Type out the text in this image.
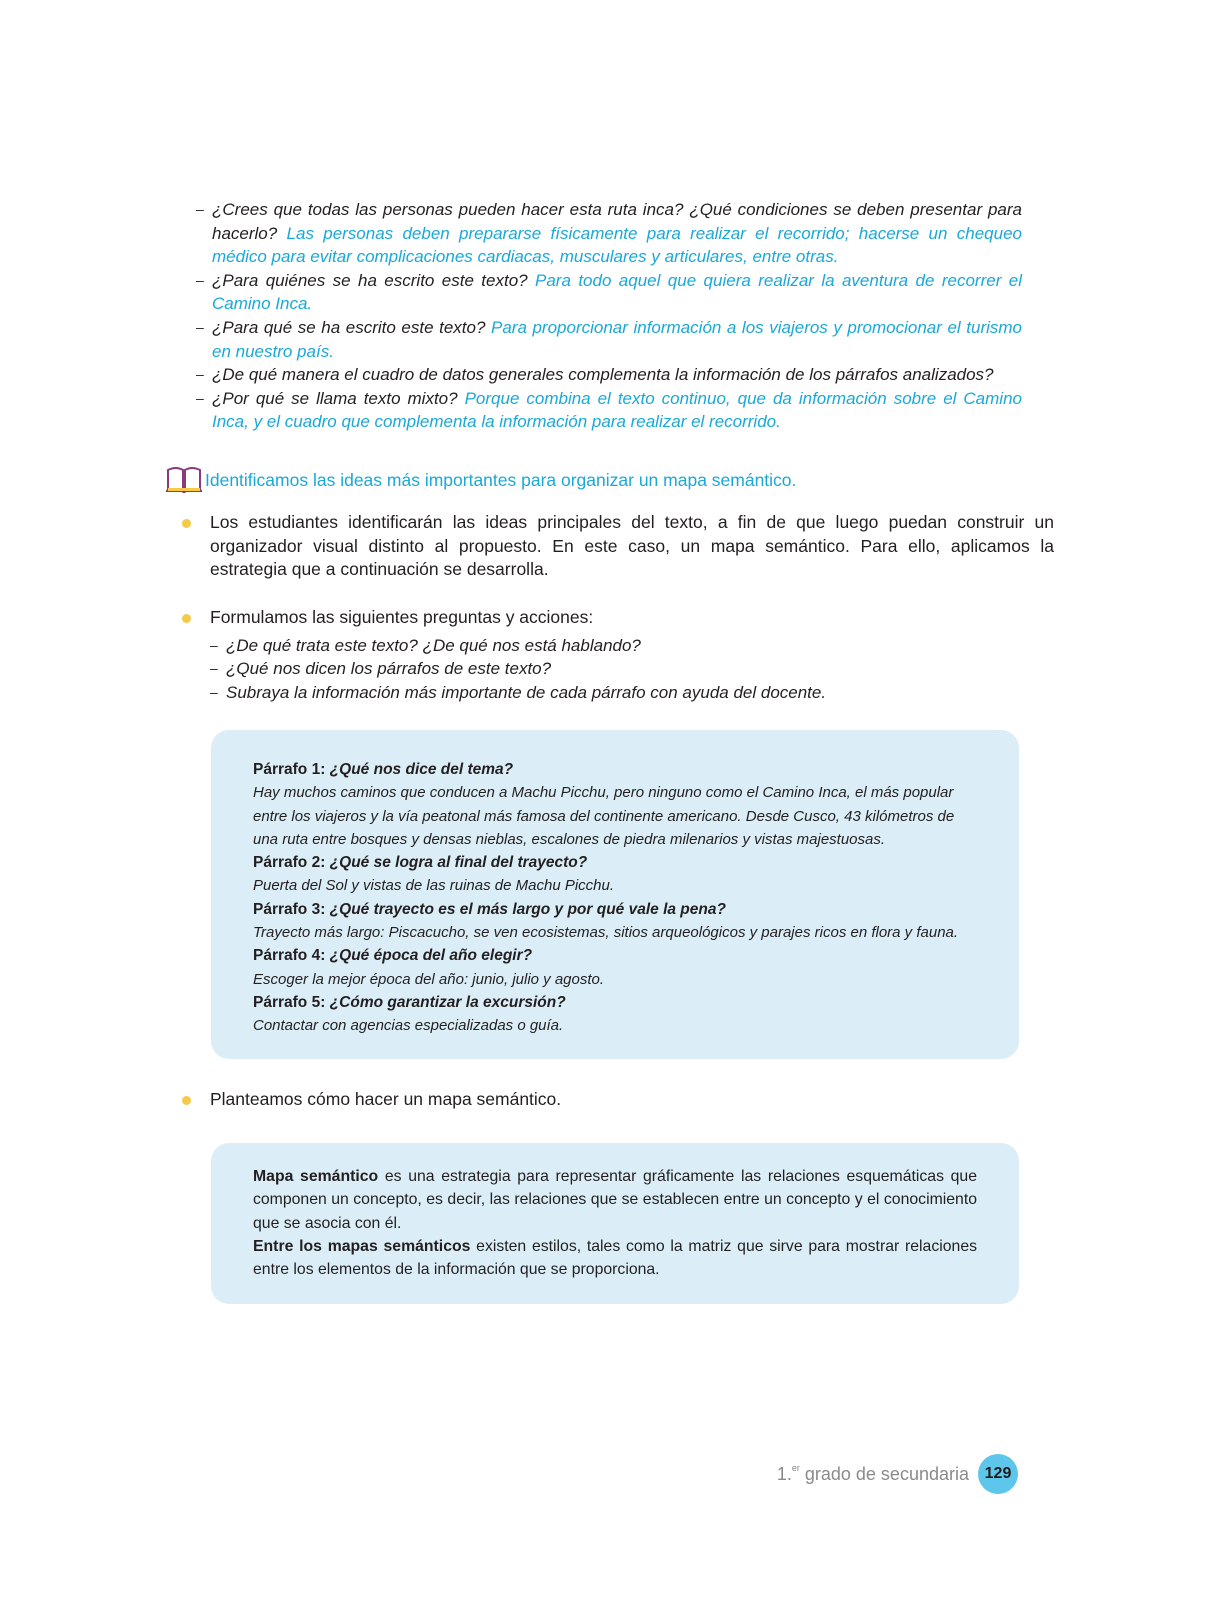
– ¿Crees que todas las personas pueden hacer esta ruta inca? ¿Qué condiciones se deben presentar para hacerlo? Las personas deben prepararse físicamente para realizar el recorrido; hacerse un chequeo médico para evitar complicaciones cardiacas, musculares y articulares, entre otras.
– ¿Para quiénes se ha escrito este texto? Para todo aquel que quiera realizar la aventura de recorrer el Camino Inca.
– ¿Para qué se ha escrito este texto? Para proporcionar información a los viajeros y promocionar el turismo en nuestro país.
– ¿De qué manera el cuadro de datos generales complementa la información de los párrafos analizados?
– ¿Por qué se llama texto mixto? Porque combina el texto continuo, que da información sobre el Camino Inca, y el cuadro que complementa la información para realizar el recorrido.
Identificamos las ideas más importantes para organizar un mapa semántico.
Los estudiantes identificarán las ideas principales del texto, a fin de que luego puedan construir un organizador visual distinto al propuesto. En este caso, un mapa semántico. Para ello, aplicamos la estrategia que a continuación se desarrolla.
Formulamos las siguientes preguntas y acciones:
– ¿De qué trata este texto? ¿De qué nos está hablando?
– ¿Qué nos dicen los párrafos de este texto?
– Subraya la información más importante de cada párrafo con ayuda del docente.
Párrafo 1: ¿Qué nos dice del tema?
Hay muchos caminos que conducen a Machu Picchu, pero ninguno como el Camino Inca, el más popular entre los viajeros y la vía peatonal más famosa del continente americano. Desde Cusco, 43 kilómetros de una ruta entre bosques y densas nieblas, escalones de piedra milenarios y vistas majestuosas.
Párrafo 2: ¿Qué se logra al final del trayecto?
Puerta del Sol y vistas de las ruinas de Machu Picchu.
Párrafo 3: ¿Qué trayecto es el más largo y por qué vale la pena?
Trayecto más largo: Piscacucho, se ven ecosistemas, sitios arqueológicos y parajes ricos en flora y fauna.
Párrafo 4: ¿Qué época del año elegir?
Escoger la mejor época del año: junio, julio y agosto.
Párrafo 5: ¿Cómo garantizar la excursión?
Contactar con agencias especializadas o guía.
Planteamos cómo hacer un mapa semántico.

Mapa semántico es una estrategia para representar gráficamente las relaciones esquemáticas que componen un concepto, es decir, las relaciones que se establecen entre un concepto y el conocimiento que se asocia con él.

Entre los mapas semánticos existen estilos, tales como la matriz que sirve para mostrar relaciones entre los elementos de la información que se proporciona.

1.$^{er}$ grado de secundaria 129
